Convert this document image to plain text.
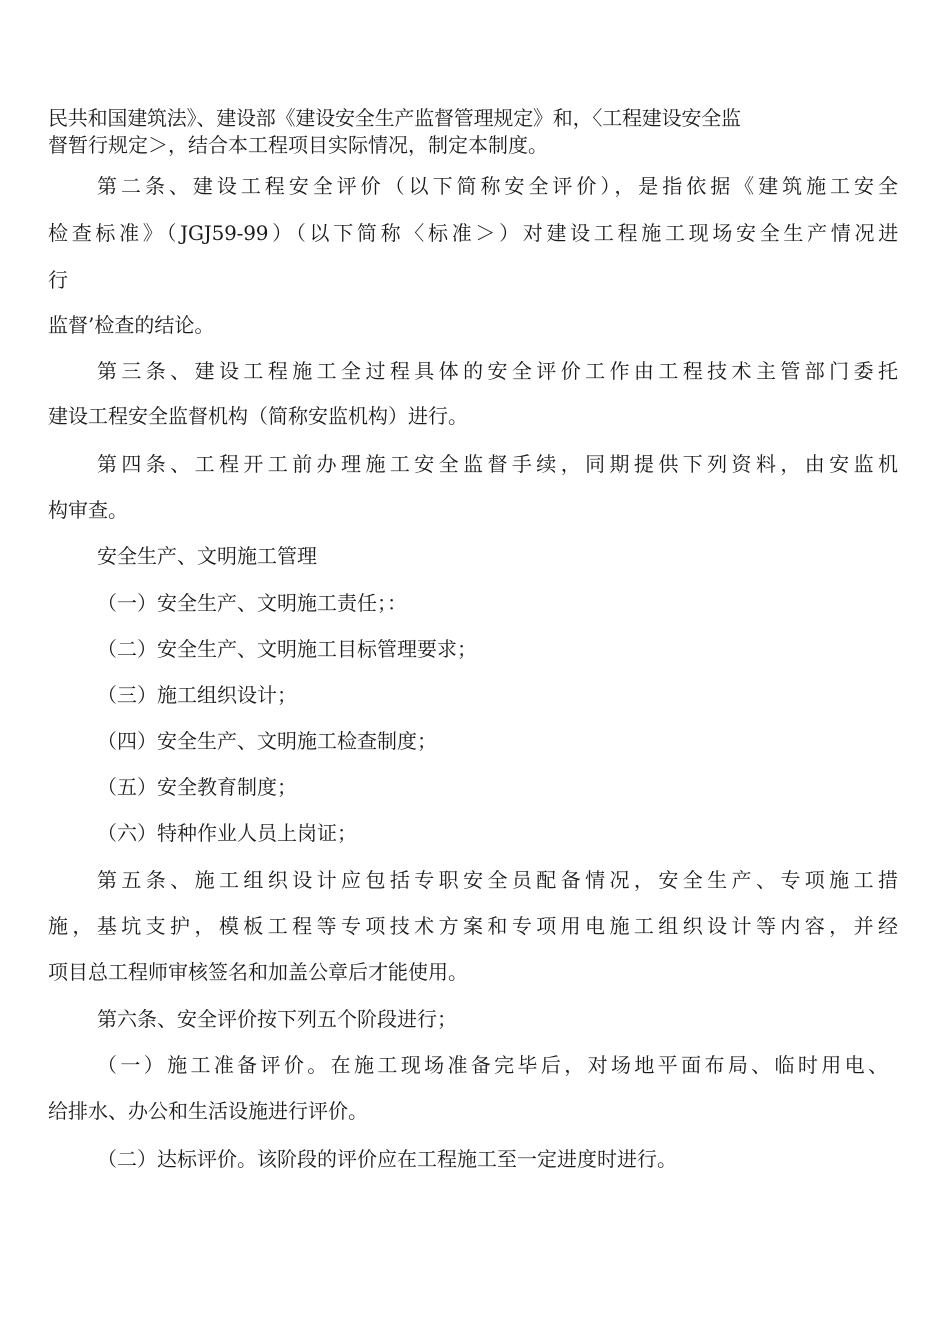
民共和国建筑法》、建设部《建设安全生产监督管理规定》和，〈工程建设安全监

督暂行规定＞，结合本工程项目实际情况，制定本制度。

第二条、建设工程安全评价（以下简称安全评价），是指依据《建筑施工安全

检查标准》（JGJ59-99）（以下简称〈标准＞）对建设工程施工现场安全生产情况进

行

监督’检查的结论。

第三条、建设工程施工全过程具体的安全评价工作由工程技术主管部门委托

建设工程安全监督机构（简称安监机构）进行。

第四条、工程开工前办理施工安全监督手续，同期提供下列资料，由安监机

构审查。

安全生产、文明施工管理

（一）安全生产、文明施工责任；：

（二）安全生产、文明施工目标管理要求；

（三）施工组织设计；

（四）安全生产、文明施工检查制度；

（五）安全教育制度；

（六）特种作业人员上岗证；

第五条、施工组织设计应包括专职安全员配备情况，安全生产、专项施工措

施，基坑支护，模板工程等专项技术方案和专项用电施工组织设计等内容，并经

项目总工程师审核签名和加盖公章后才能使用。

第六条、安全评价按下列五个阶段进行；

（一）施工准备评价。在施工现场准备完毕后，对场地平面布局、临时用电、

给排水、办公和生活设施进行评价。

（二）达标评价。该阶段的评价应在工程施工至一定进度时进行。
